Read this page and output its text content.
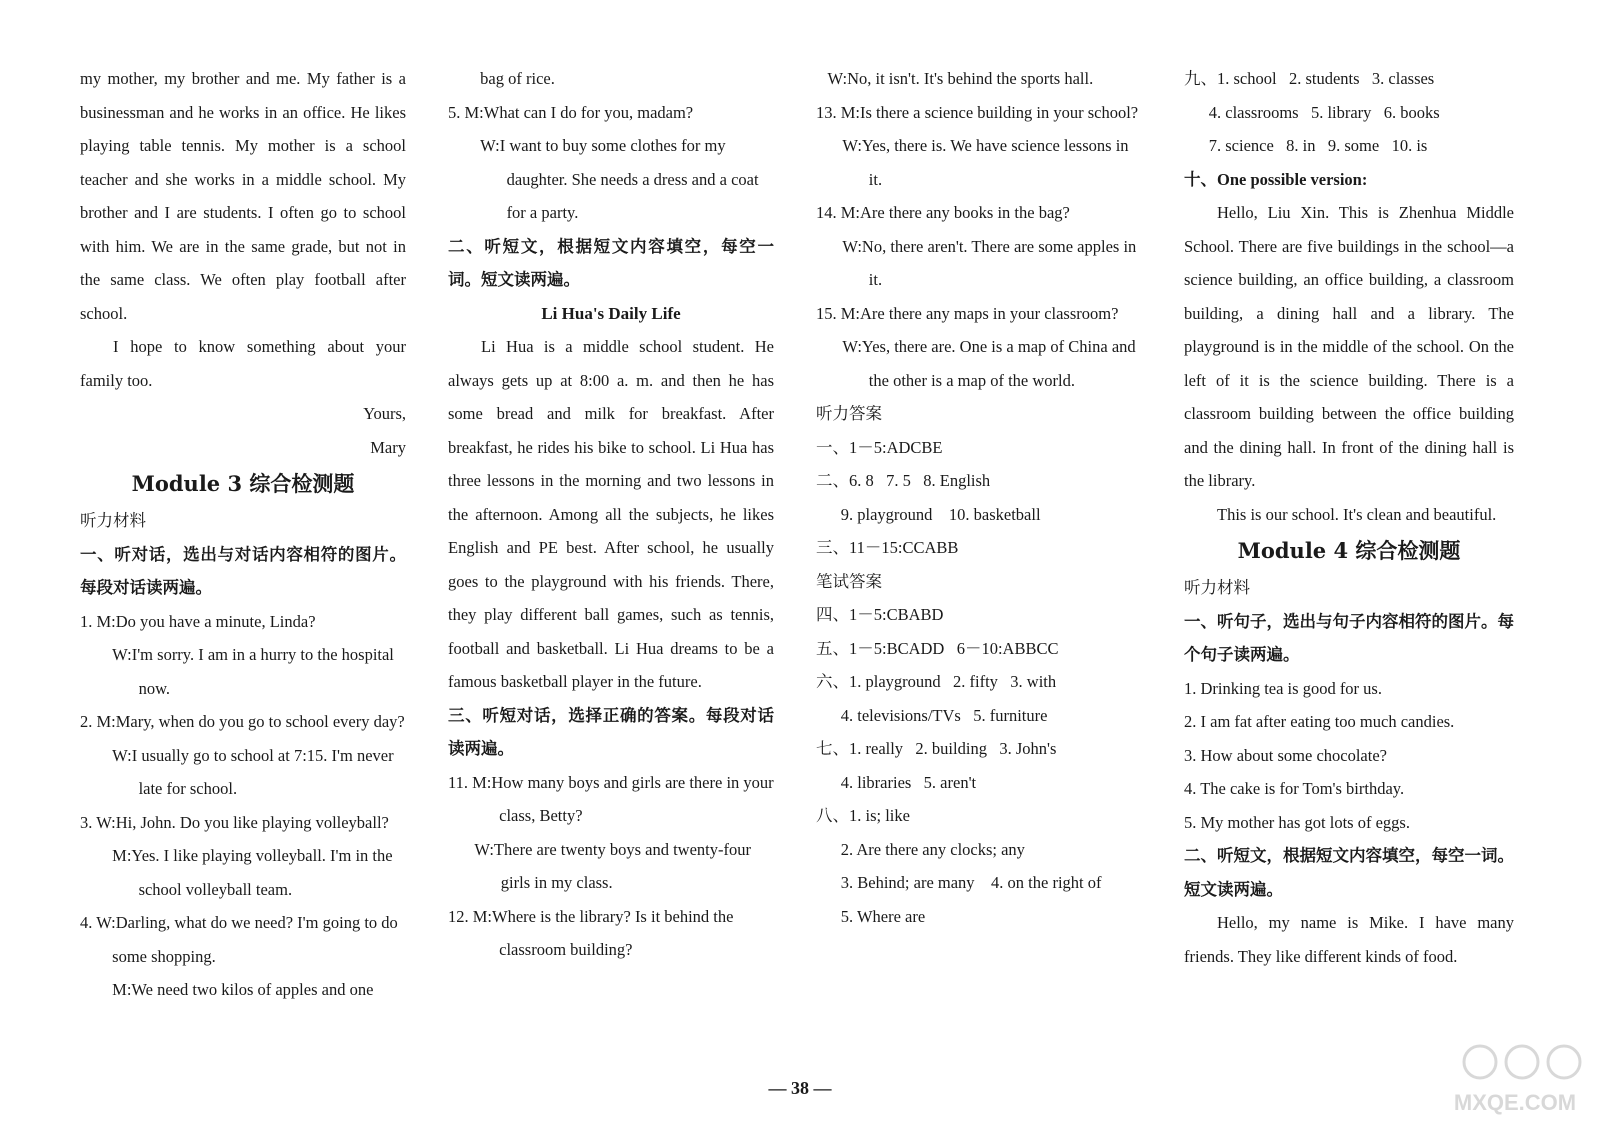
my mother, my brother and me. My father is a businessman and he works in an office. He likes playing table tennis. My mother is a school teacher and she works in a middle school. My brother and I are students. I often go to school with him. We are in the same grade, but not in the same class. We often play football after school.

I hope to know something about your family too.

Yours,

Mary

Module 3 综合检测题

听力材料

一、听对话，选出与对话内容相符的图片。每段对话读两遍。

1. M:Do you have a minute, Linda?

W:I'm sorry. I am in a hurry to the hospital now.

2. M:Mary, when do you go to school every day?

W:I usually go to school at 7:15. I'm never late for school.

3. W:Hi, John. Do you like playing volleyball?

M:Yes. I like playing volleyball. I'm in the school volleyball team.

4. W:Darling, what do we need? I'm going to do some shopping.

M:We need two kilos of apples and one

bag of rice.

5. M:What can I do for you, madam?

W:I want to buy some clothes for my daughter. She needs a dress and a coat for a party.

二、听短文，根据短文内容填空，每空一词。短文读两遍。

Li Hua's Daily Life

Li Hua is a middle school student. He always gets up at 8:00 a. m. and then he has some bread and milk for breakfast. After breakfast, he rides his bike to school. Li Hua has three lessons in the morning and two lessons in the afternoon. Among all the subjects, he likes English and PE best. After school, he usually goes to the playground with his friends. There, they play different ball games, such as tennis, football and basketball. Li Hua dreams to be a famous basketball player in the future.

三、听短对话，选择正确的答案。每段对话读两遍。

11. M:How many boys and girls are there in your class, Betty?

W:There are twenty boys and twenty-four girls in my class.

12. M:Where is the library? Is it behind the classroom building?

W:No, it isn't. It's behind the sports hall.

13. M:Is there a science building in your school?

W:Yes, there is. We have science lessons in it.

14. M:Are there any books in the bag?

W:No, there aren't. There are some apples in it.

15. M:Are there any maps in your classroom?

W:Yes, there are. One is a map of China and the other is a map of the world.

听力答案

一、1－5:ADCBE

二、6. 8   7. 5   8. English

9. playground    10. basketball

三、11－15:CCABB

笔试答案

四、1－5:CBABD

五、1－5:BCADD   6－10:ABBCC

六、1. playground   2. fifty   3. with

4. televisions/TVs   5. furniture

七、1. really   2. building   3. John's

4. libraries   5. aren't

八、1. is; like

2. Are there any clocks; any

3. Behind; are many    4. on the right of

5. Where are

九、1. school   2. students   3. classes

4. classrooms   5. library   6. books

7. science   8. in   9. some   10. is

十、One possible version:

Hello, Liu Xin. This is Zhenhua Middle School. There are five buildings in the school—a science building, an office building, a classroom building, a dining hall and a library. The playground is in the middle of the school. On the left of it is the science building. There is a classroom building between the office building and the dining hall. In front of the dining hall is the library.

This is our school. It's clean and beautiful.

Module 4 综合检测题

听力材料

一、听句子，选出与句子内容相符的图片。每个句子读两遍。

1. Drinking tea is good for us.

2. I am fat after eating too much candies.

3. How about some chocolate?

4. The cake is for Tom's birthday.

5. My mother has got lots of eggs.

二、听短文，根据短文内容填空，每空一词。短文读两遍。

Hello, my name is Mike. I have many friends. They like different kinds of food.

— 38 —
MXQE.COM
